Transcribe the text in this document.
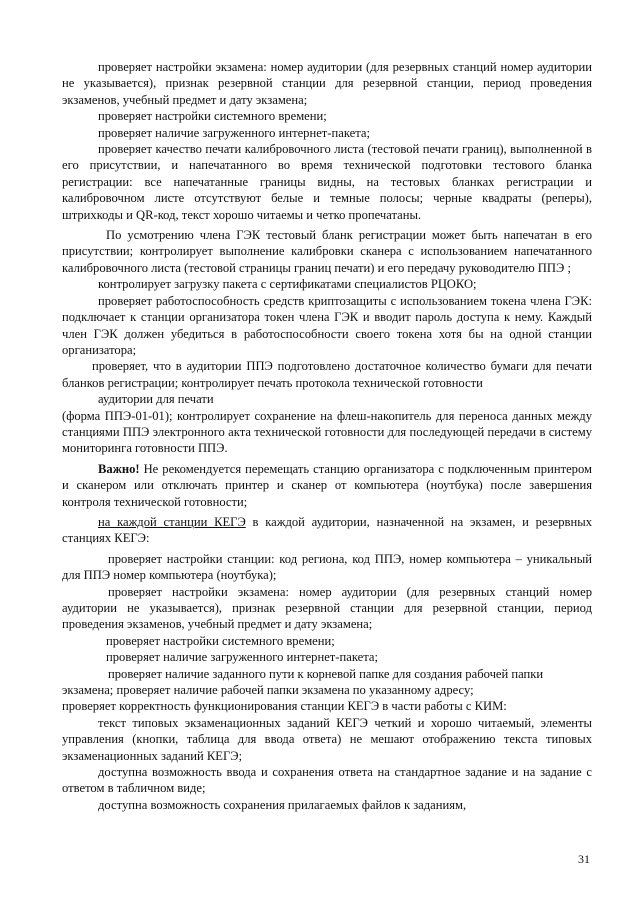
проверяет настройки экзамена: номер аудитории (для резервных станций номер аудитории не указывается), признак резервной станции для резервной станции, период проведения экзаменов, учебный предмет и дату экзамена;

проверяет настройки системного времени;

проверяет наличие загруженного интернет-пакета;

проверяет качество печати калибровочного листа (тестовой печати границ), выполненной в его присутствии, и напечатанного во время технической подготовки тестового бланка регистрации: все напечатанные границы видны, на тестовых бланках регистрации и калибровочном листе отсутствуют белые и темные полосы; черные квадраты (реперы), штрихкоды и QR-код, текст хорошо читаемы и четко пропечатаны.

По усмотрению члена ГЭК тестовый бланк регистрации может быть напечатан в его присутствии; контролирует выполнение калибровки сканера с использованием напечатанного калибровочного листа (тестовой страницы границ печати) и его передачу руководителю ППЭ ;

контролирует загрузку пакета с сертификатами специалистов РЦОКО;

проверяет работоспособность средств криптозащиты с использованием токена члена ГЭК: подключает к станции организатора токен члена ГЭК и вводит пароль доступа к нему. Каждый член ГЭК должен убедиться в работоспособности своего токена хотя бы на одной станции организатора;

проверяет, что в аудитории ППЭ подготовлено достаточное количество бумаги для печати бланков регистрации; контролирует печать протокола технической готовности

аудитории для печати

(форма ППЭ-01-01); контролирует сохранение на флеш-накопитель для переноса данных между станциями ППЭ электронного акта технической готовности для последующей передачи в систему мониторинга готовности ППЭ.

Важно! Не рекомендуется перемещать станцию организатора с подключенным принтером и сканером или отключать принтер и сканер от компьютера (ноутбука) после завершения контроля технической готовности;

на каждой станции КЕГЭ в каждой аудитории, назначенной на экзамен, и резервных станциях КЕГЭ:

проверяет настройки станции: код региона, код ППЭ, номер компьютера – уникальный для ППЭ номер компьютера (ноутбука);

проверяет настройки экзамена: номер аудитории (для резервных станций номер аудитории не указывается), признак резервной станции для резервной станции, период проведения экзаменов, учебный предмет и дату экзамена;

проверяет настройки системного времени;

проверяет наличие загруженного интернет-пакета;

проверяет наличие заданного пути к корневой папке для создания рабочей папки экзамена; проверяет наличие рабочей папки экзамена по указанному адресу;

проверяет корректность функционирования станции КЕГЭ в части работы с КИМ:

текст типовых экзаменационных заданий КЕГЭ четкий и хорошо читаемый, элементы управления (кнопки, таблица для ввода ответа) не мешают отображению текста типовых экзаменационных заданий КЕГЭ;

доступна возможность ввода и сохранения ответа на стандартное задание и на задание с ответом в табличном виде;

доступна возможность сохранения прилагаемых файлов к заданиям,

31
